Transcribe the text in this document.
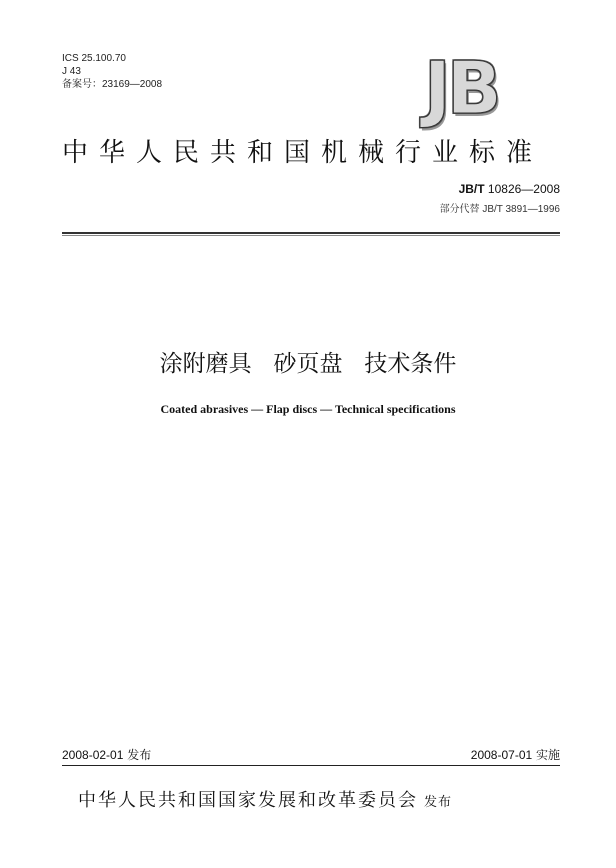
ICS 25.100.70
J 43
备案号：23169—2008	JB
中华人民共和国机械行业标准
JB/T 10826—2008
部分代替 JB/T 3891—1996
涂附磨具   砂页盘   技术条件
Coated abrasives — Flap discs — Technical specifications
2008-02-01 发布	2008-07-01 实施
中华人民共和国国家发展和改革委员会 发布
